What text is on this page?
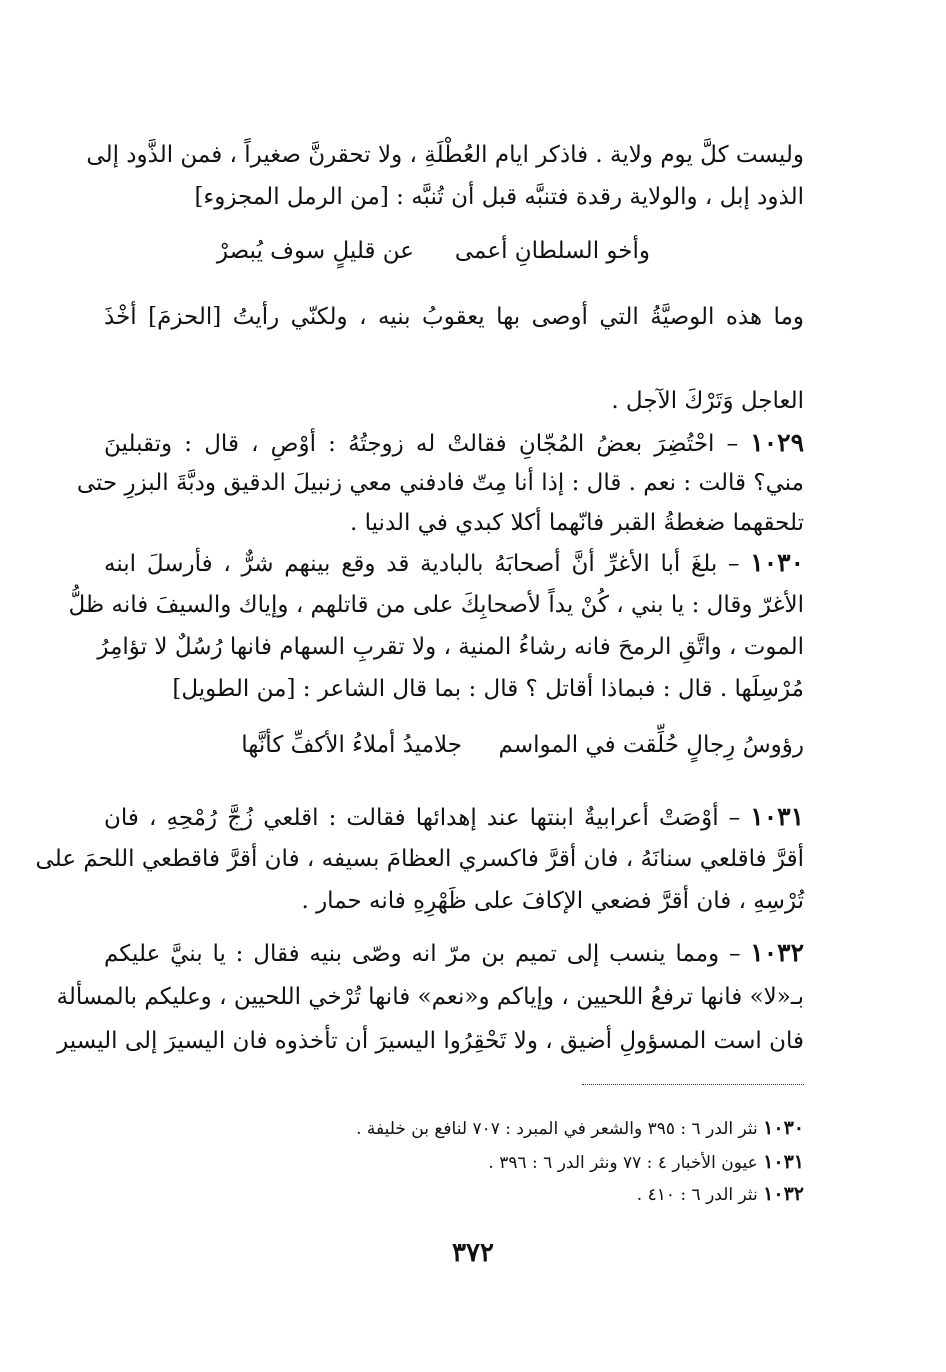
وليست كلَّ يوم ولاية . فاذكر ايام العُطْلَةِ ، ولا تحقرنَّ صغيراً ، فمن الذَّود إلى
الذود إبل ، والولاية رقدة فتنبَّه قبل أن تُنبَّه : [من الرمل المجزوء]
العاجل وَتَرْكَ الآجل .
وما هذه الوصيَّةُ التي أوصى بها يعقوبُ بنيه ، ولكنّي رأيتُ [الحزمَ] أخْذَ
١٠٢٩ – احْتُضِرَ بعضُ المُجّانِ فقالتْ له زوجتُهُ : أوْصِ ، قال : وتقبلينَ
مني؟ قالت : نعم . قال : إذا أنا مِتّ فادفني معي زنبيلَ الدقيق ودبَّةَ البزرِ حتى
تلحقهما ضغطةُ القبر فانّهما أكلا كبدي في الدنيا .
١٠٣٠ – بلغَ أبا الأغرِّ أنَّ أصحابَهُ بالبادية قد وقع بينهم شرٌّ ، فأرسلَ ابنه
الأغرّ وقال : يا بني ، كُنْ يداً لأصحابِكَ على من قاتلهم ، وإياك والسيفَ فانه ظلُّ
الموت ، واتَّقِ الرمحَ فانه رشاءُ المنية ، ولا تقربِ السهام فانها رُسُلٌ لا تؤامِرُ
مُرْسِلَها . قال : فبماذا أقاتل ؟ قال : بما قال الشاعر : [من الطويل]
١٠٣١ – أوْصَتْ أعرابيةٌ ابنتها عند إهدائها فقالت : اقلعي زُجَّ رُمْحِهِ ، فان
أقرَّ فاقلعي سنانَهُ ، فان أقرَّ فاكسري العظامَ بسيفه ، فان أقرَّ فاقطعي اللحمَ على
تُرْسِهِ ، فان أقرَّ فضعي الإكافَ على ظَهْرِهِ فانه حمار .
١٠٣٢ – ومما ينسب إلى تميم بن مرّ انه وصّى بنيه فقال : يا بنيَّ عليكم
بـ«لا» فانها ترفعُ اللحيين ، وإياكم و«نعم» فانها تُرْخي اللحيين ، وعليكم بالمسألة
فان است المسؤولِ أضيق ، ولا تَحْقِرُوا اليسيرَ أن تأخذوه فان اليسيرَ إلى اليسير
وأخو السلطانِ أعمى
عن قليلٍ سوف يُبصرْ
جلاميدُ أملاءُ الأكفِّ كأنَّها رؤوسُ رِجالٍ حُلِّقت في المواسم
١٠٣٠ نثر الدر ٦ : ٣٩٥ والشعر في المبرد : ٧٠٧ لنافع بن خليفة .
١٠٣١ عيون الأخبار ٤ : ٧٧ ونثر الدر ٦ : ٣٩٦ .
١٠٣٢ نثر الدر ٦ : ٤١٠ .
٣٧٢
